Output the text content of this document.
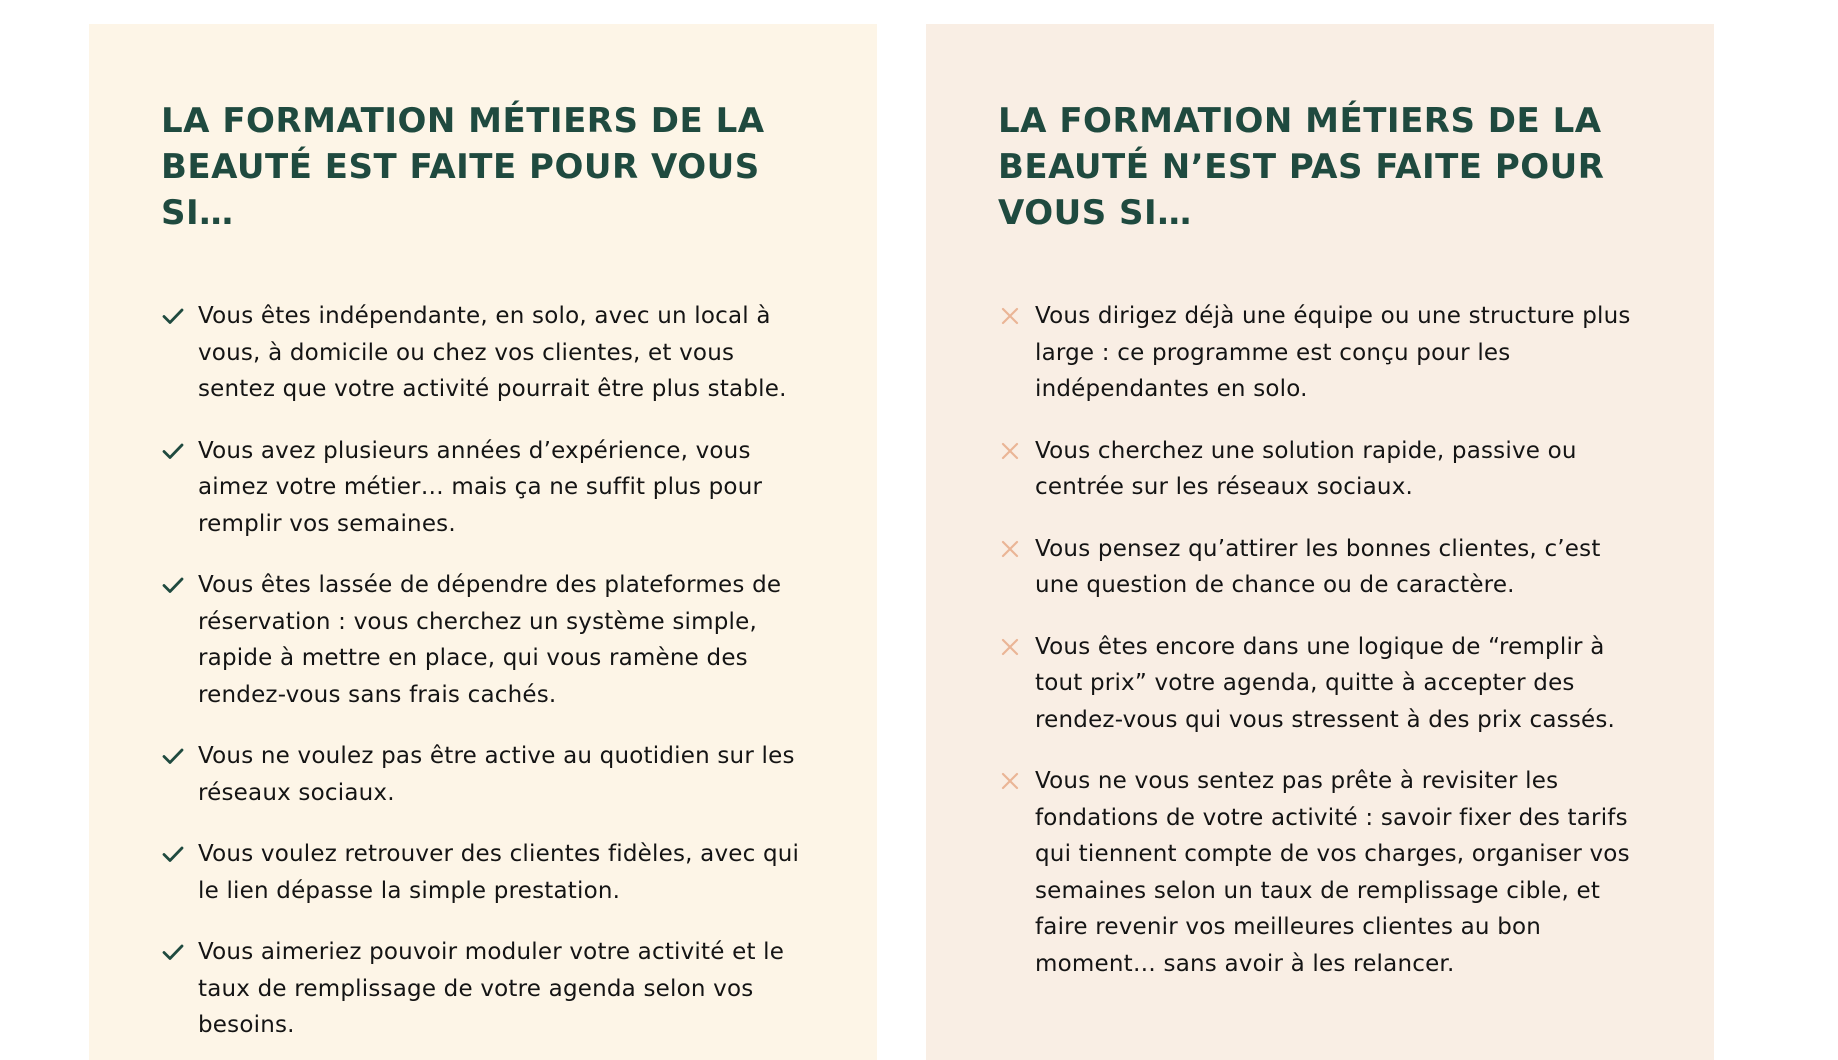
LA FORMATION MÉTIERS DE LA BEAUTÉ EST FAITE POUR VOUS SI…
Vous êtes indépendante, en solo, avec un local à vous, à domicile ou chez vos clientes, et vous sentez que votre activité pourrait être plus stable.
Vous avez plusieurs années d’expérience, vous aimez votre métier… mais ça ne suffit plus pour remplir vos semaines.
Vous êtes lassée de dépendre des plateformes de réservation : vous cherchez un système simple, rapide à mettre en place, qui vous ramène des rendez-vous sans frais cachés.
Vous ne voulez pas être active au quotidien sur les réseaux sociaux.
Vous voulez retrouver des clientes fidèles, avec qui le lien dépasse la simple prestation.
Vous aimeriez pouvoir moduler votre activité et le taux de remplissage de votre agenda selon vos besoins.
LA FORMATION MÉTIERS DE LA BEAUTÉ N’EST PAS FAITE POUR VOUS SI…
Vous dirigez déjà une équipe ou une structure plus large : ce programme est conçu pour les indépendantes en solo.
Vous cherchez une solution rapide, passive ou centrée sur les réseaux sociaux.
Vous pensez qu’attirer les bonnes clientes, c’est une question de chance ou de caractère.
Vous êtes encore dans une logique de “remplir à tout prix” votre agenda, quitte à accepter des rendez-vous qui vous stressent à des prix cassés.
Vous ne vous sentez pas prête à revisiter les fondations de votre activité : savoir fixer des tarifs qui tiennent compte de vos charges, organiser vos semaines selon un taux de remplissage cible, et faire revenir vos meilleures clientes au bon moment… sans avoir à les relancer.
